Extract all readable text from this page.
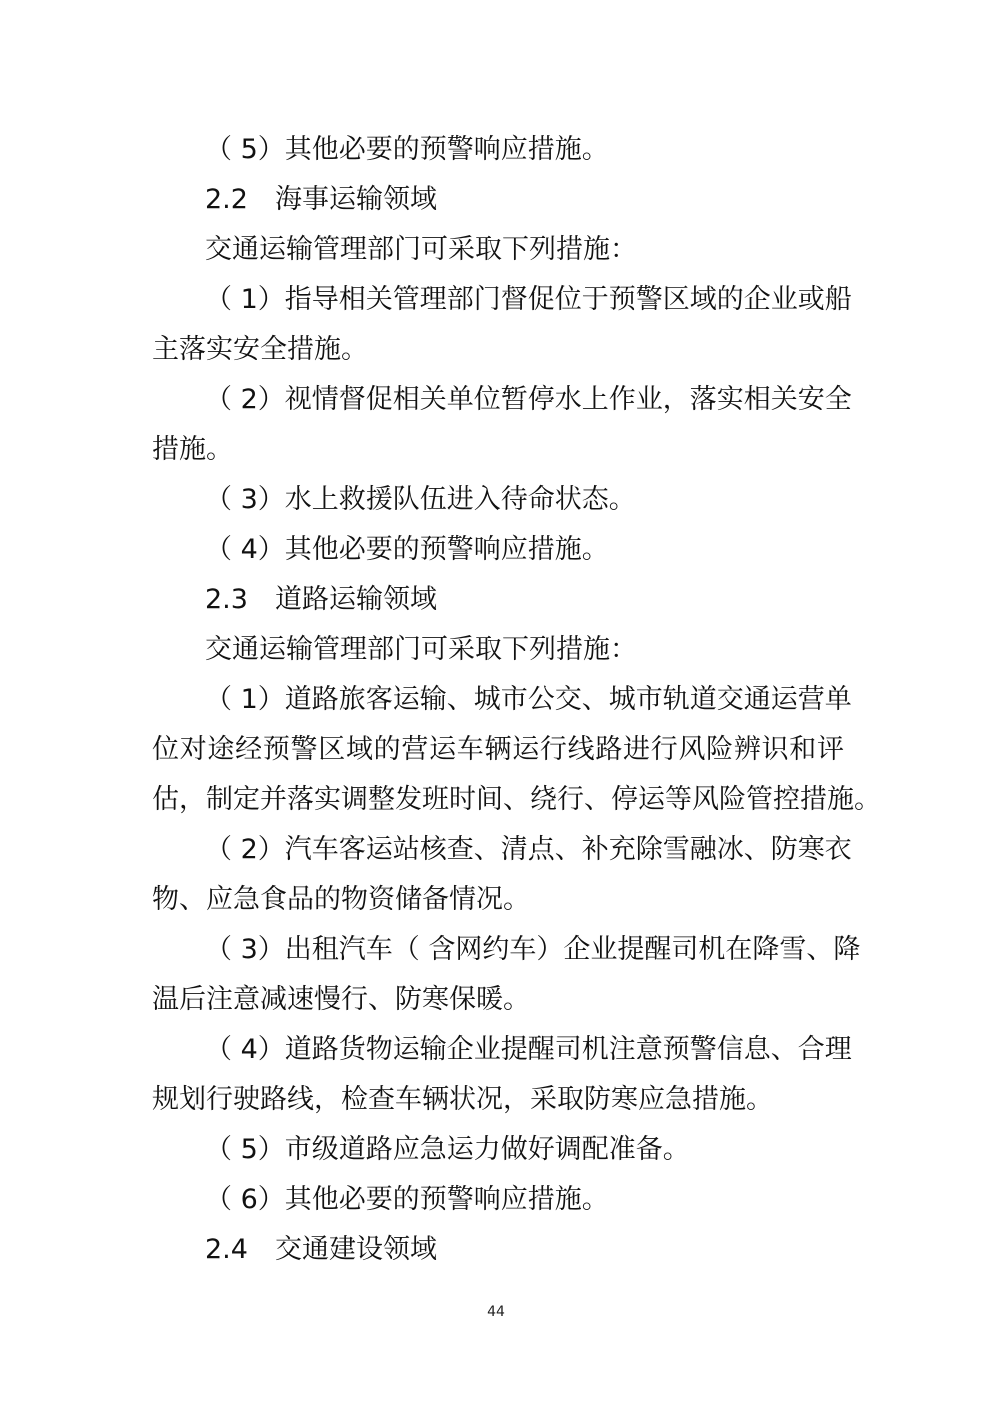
（ 5）其他必要的预警响应措施。
2.2　海事运输领域
交通运输管理部门可采取下列措施：
（ 1）指导相关管理部门督促位于预警区域的企业或船
主落实安全措施。
（ 2）视情督促相关单位暂停水上作业，落实相关安全
措施。
（ 3）水上救援队伍进入待命状态。
（ 4）其他必要的预警响应措施。
2.3　道路运输领域
交通运输管理部门可采取下列措施：
（ 1）道路旅客运输、城市公交、城市轨道交通运营单
位对途经预警区域的营运车辆运行线路进行风险辨识和评
估，制定并落实调整发班时间、绕行、停运等风险管控措施。
（ 2）汽车客运站核查、清点、补充除雪融冰、防寒衣
物、应急食品的物资储备情况。
（ 3）出租汽车（ 含网约车）企业提醒司机在降雪、降
温后注意减速慢行、防寒保暖。
（ 4）道路货物运输企业提醒司机注意预警信息、合理
规划行驶路线，检查车辆状况，采取防寒应急措施。
（ 5）市级道路应急运力做好调配准备。
（ 6）其他必要的预警响应措施。
2.4　交通建设领域
44
